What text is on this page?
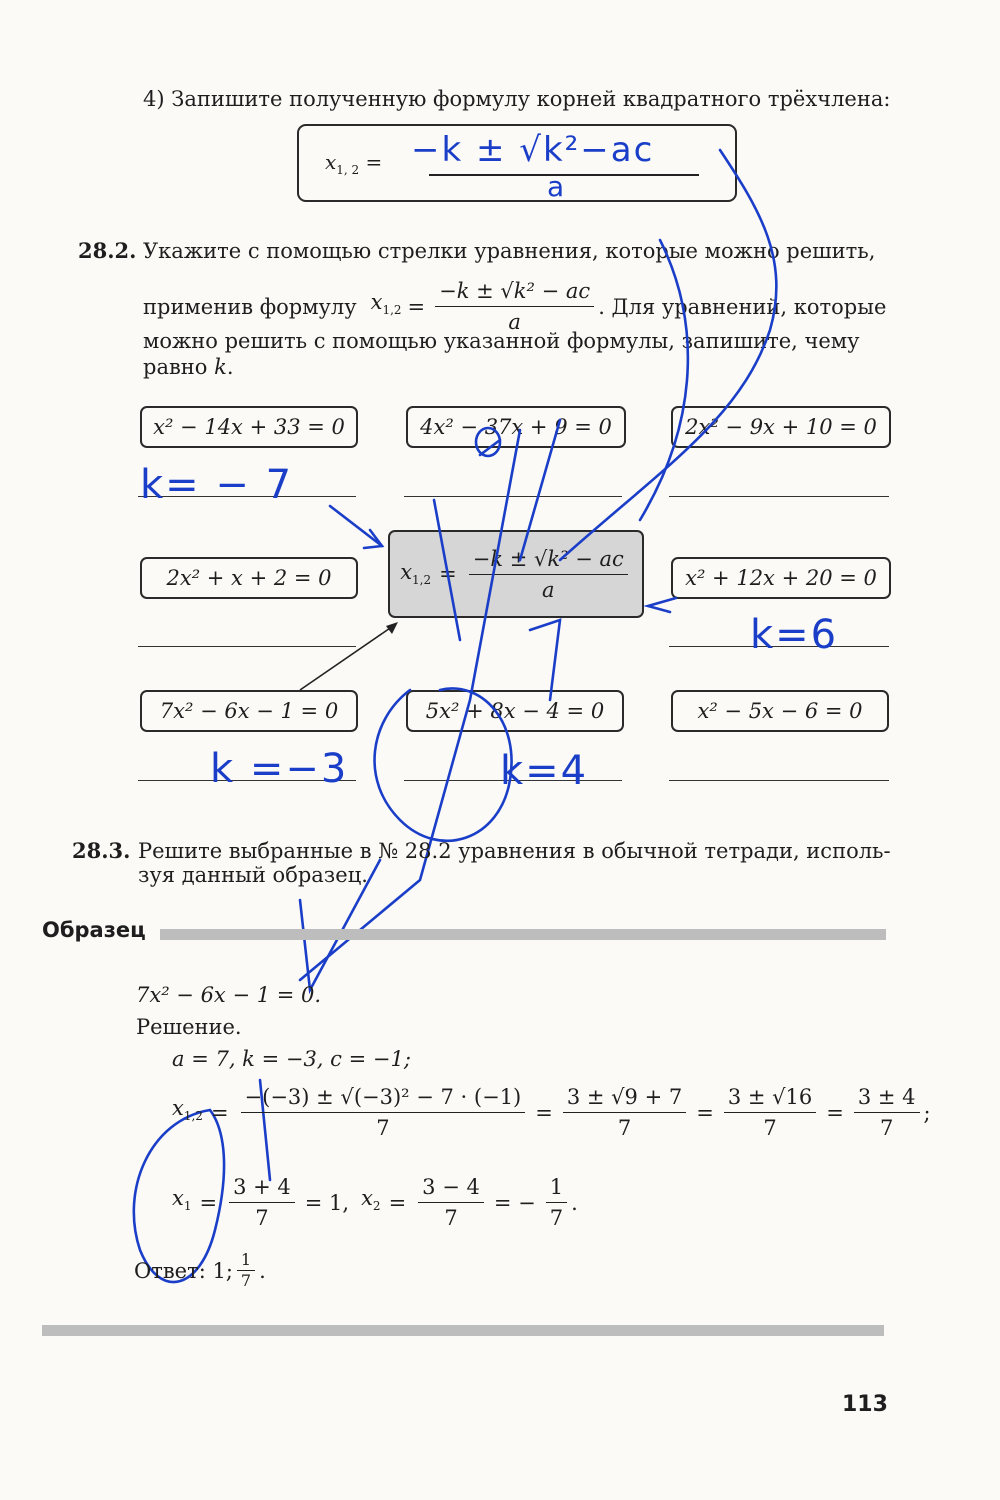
4) Запишите полученную формулу корней квадратного трёхчлена:
$x_{1, 2} = -k \pm √k^2-ac$
a
28.2. Укажите с помощью стрелки уравнения, которые можно решить,
применив формулу $x_{1,2} = \frac{\text{−k ± √k² − ac}}{a}$ . Для уравнений, которые
можно решить с помощью указанной формулы, запишите, чему
равно k.
x² − 14x + 33 = 0	4x² − 37x + 9 = 0	2x² − 9x + 10 = 0
2x² + x + 2 = 0	$x_{1,2} = \frac{\text{−k ± √k² − ac}}{a}$	x² + 12x + 20 = 0
7x² − 6x − 1 = 0	5x² + 8x − 4 = 0	x² − 5x − 6 = 0
k= − 7
k=6
k =−3	k=4
28.3. Решите выбранные в № 28.2 уравнения в обычной тетради, исполь-
зуя данный образец.
Образец
7x² − 6x − 1 = 0.
Решение.
a = 7, k = −3, c = −1;
$x_{1,2} = \frac{\text{−(−3) ± √(−3)² − 7 · (−1)}}{7} = \frac{3 \pm √9 + 7}{7} = \frac{3 \pm √16}{7} = \frac{3 \pm 4}{7}$ ;
$x_1 = \frac{3 + 4}{7} = 1$, $x_2 = \frac{3 - 4}{7}$ = − $\frac{1}{7}$ .
Ответ: 1; $\frac{1}{7}$ .
113
